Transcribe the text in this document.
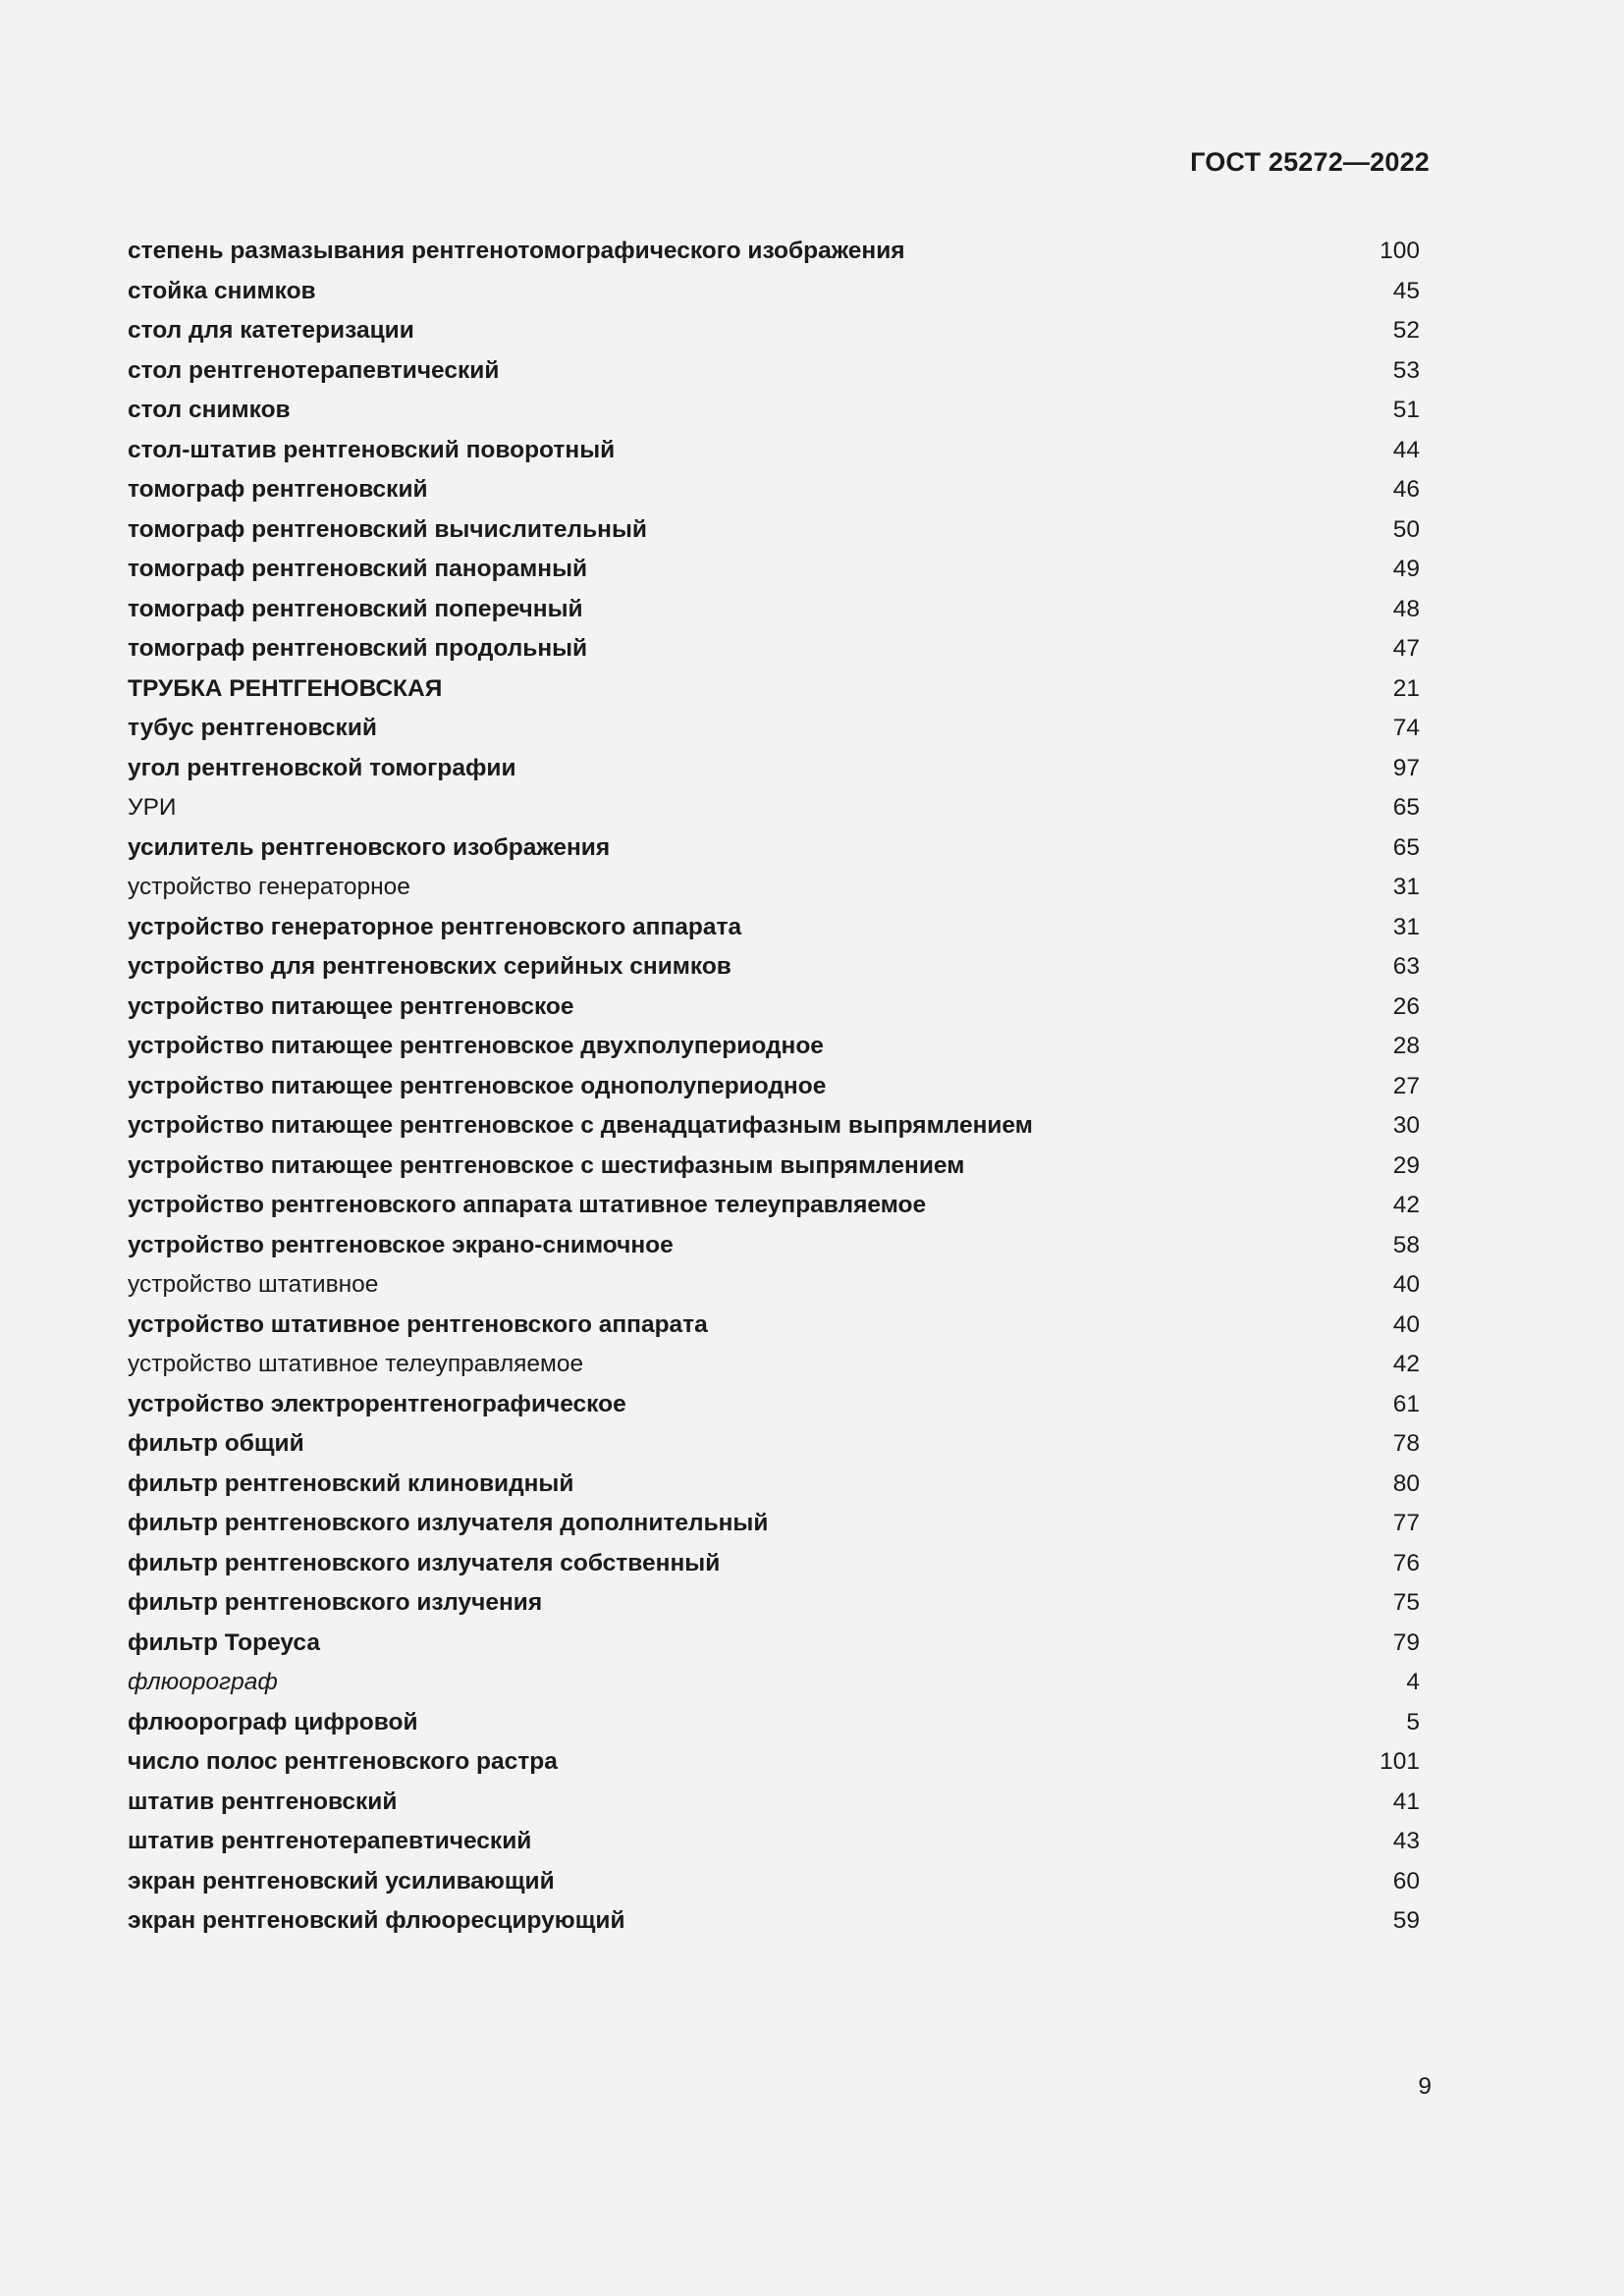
ГОСТ 25272—2022
степень размазывания рентгенотомографического изображения	100
стойка снимков	45
стол для катетеризации	52
стол рентгенотерапевтический	53
стол снимков	51
стол-штатив рентгеновский поворотный	44
томограф рентгеновский	46
томограф рентгеновский вычислительный	50
томограф рентгеновский панорамный	49
томограф рентгеновский поперечный	48
томограф рентгеновский продольный	47
ТРУБКА РЕНТГЕНОВСКАЯ	21
тубус рентгеновский	74
угол рентгеновской томографии	97
УРИ	65
усилитель рентгеновского изображения	65
устройство генераторное	31
устройство генераторное рентгеновского аппарата	31
устройство для рентгеновских серийных снимков	63
устройство питающее рентгеновское	26
устройство питающее рентгеновское двухполупериодное	28
устройство питающее рентгеновское однополупериодное	27
устройство питающее рентгеновское с двенадцатифазным выпрямлением	30
устройство питающее рентгеновское с шестифазным выпрямлением	29
устройство рентгеновского аппарата штативное телеуправляемое	42
устройство рентгеновское экрано-снимочное	58
устройство штативное	40
устройство штативное рентгеновского аппарата	40
устройство штативное телеуправляемое	42
устройство электрорентгенографическое	61
фильтр общий	78
фильтр рентгеновский клиновидный	80
фильтр рентгеновского излучателя дополнительный	77
фильтр рентгеновского излучателя собственный	76
фильтр рентгеновского излучения	75
фильтр Тореуса	79
флюорограф	4
флюорограф цифровой	5
число полос рентгеновского растра	101
штатив рентгеновский	41
штатив рентгенотерапевтический	43
экран рентгеновский усиливающий	60
экран рентгеновский флюоресцирующий	59
9
